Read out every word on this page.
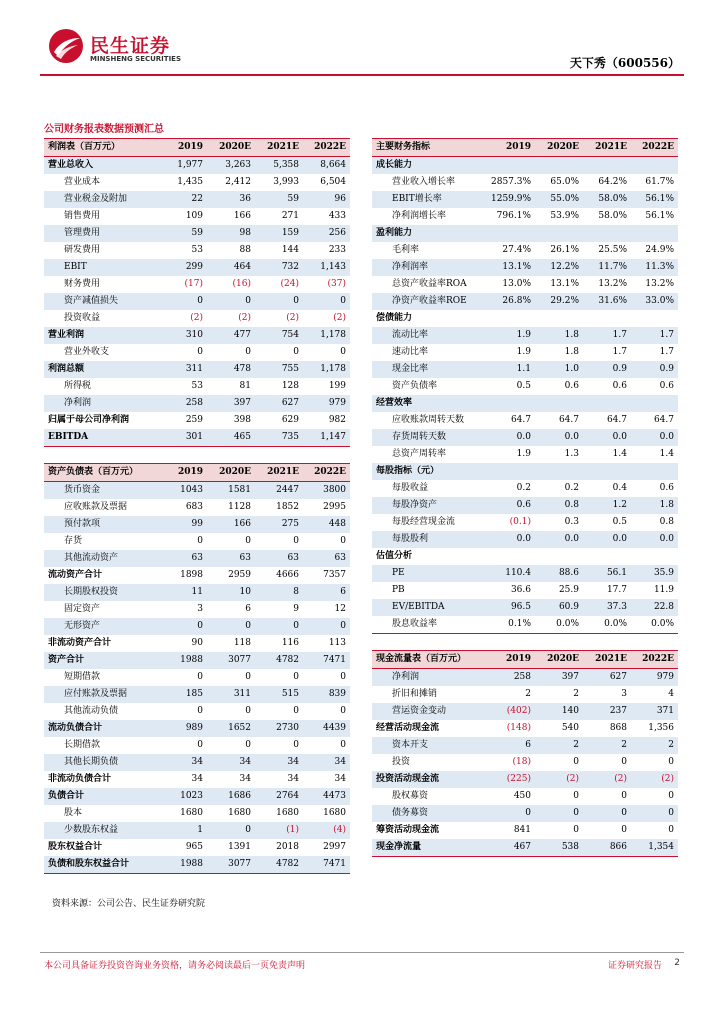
民生证券
MINSHENG SECURITIES	天下秀（600556）
公司财务报表数据预测汇总
利润表（百万元）	2019	2020E	2021E	2022E
营业总收入	1,977	3,263	5,358	8,664
营业成本	1,435	2,412	3,993	6,504
营业税金及附加	22	36	59	96
销售费用	109	166	271	433
管理费用	59	98	159	256
研发费用	53	88	144	233
EBIT	299	464	732	1,143
财务费用	(17)	(16)	(24)	(37)
资产减值损失	0	0	0	0
投资收益	(2)	(2)	(2)	(2)
营业利润	310	477	754	1,178
营业外收支	0	0	0	0
利润总额	311	478	755	1,178
所得税	53	81	128	199
净利润	258	397	627	979
归属于母公司净利润	259	398	629	982
EBITDA	301	465	735	1,147

资产负债表（百万元）	2019	2020E	2021E	2022E
货币资金	1043	1581	2447	3800
应收账款及票据	683	1128	1852	2995
预付款项	99	166	275	448
存货	0	0	0	0
其他流动资产	63	63	63	63
流动资产合计	1898	2959	4666	7357
长期股权投资	11	10	8	6
固定资产	3	6	9	12
无形资产	0	0	0	0
非流动资产合计	90	118	116	113
资产合计	1988	3077	4782	7471
短期借款	0	0	0	0
应付账款及票据	185	311	515	839
其他流动负债	0	0	0	0
流动负债合计	989	1652	2730	4439
长期借款	0	0	0	0
其他长期负债	34	34	34	34
非流动负债合计	34	34	34	34
负债合计	1023	1686	2764	4473
股本	1680	1680	1680	1680
少数股东权益	1	0	(1)	(4)
股东权益合计	965	1391	2018	2997
负债和股东权益合计	1988	3077	4782	7471
主要财务指标	2019	2020E	2021E	2022E
成长能力				
营业收入增长率	2857.3%	65.0%	64.2%	61.7%
EBIT增长率	1259.9%	55.0%	58.0%	56.1%
净利润增长率	796.1%	53.9%	58.0%	56.1%
盈利能力				
毛利率	27.4%	26.1%	25.5%	24.9%
净利润率	13.1%	12.2%	11.7%	11.3%
总资产收益率ROA	13.0%	13.1%	13.2%	13.2%
净资产收益率ROE	26.8%	29.2%	31.6%	33.0%
偿债能力				
流动比率	1.9	1.8	1.7	1.7
速动比率	1.9	1.8	1.7	1.7
现金比率	1.1	1.0	0.9	0.9
资产负债率	0.5	0.6	0.6	0.6
经营效率				
应收账款周转天数	64.7	64.7	64.7	64.7
存货周转天数	0.0	0.0	0.0	0.0
总资产周转率	1.9	1.3	1.4	1.4
每股指标（元）				
每股收益	0.2	0.2	0.4	0.6
每股净资产	0.6	0.8	1.2	1.8
每股经营现金流	(0.1)	0.3	0.5	0.8
每股股利	0.0	0.0	0.0	0.0
估值分析				
PE	110.4	88.6	56.1	35.9
PB	36.6	25.9	17.7	11.9
EV/EBITDA	96.5	60.9	37.3	22.8
股息收益率	0.1%	0.0%	0.0%	0.0%

现金流量表（百万元）	2019	2020E	2021E	2022E
净利润	258	397	627	979
折旧和摊销	2	2	3	4
营运资金变动	(402)	140	237	371
经营活动现金流	(148)	540	868	1,356
资本开支	6	2	2	2
投资	(18)	0	0	0
投资活动现金流	(225)	(2)	(2)	(2)
股权募资	450	0	0	0
债务募资	0	0	0	0
筹资活动现金流	841	0	0	0
现金净流量	467	538	866	1,354
资料来源：公司公告、民生证券研究院
本公司具备证券投资咨询业务资格，请务必阅读最后一页免责声明	证券研究报告 2
